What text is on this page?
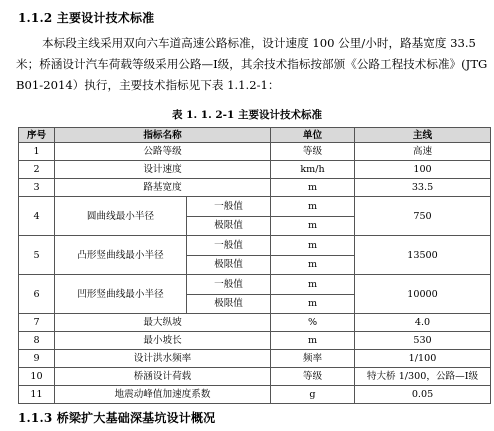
1.1.2 主要设计技术标准
本标段主线采用双向六车道高速公路标准，设计速度 100 公里/小时，路基宽度 33.5
米；桥涵设计汽车荷载等级采用公路—I级，其余技术指标按部颁《公路工程技术标准》(JTG
B01-2014）执行，主要技术指标见下表 1.1.2-1：
表 1. 1. 2-1 主要设计技术标准
序号	指标名称		单位	主线
1	公路等级		等级	高速
2	设计速度		km/h	100
3	路基宽度		m	33.5
4	圆曲线最小半径	一般值	m	750
		极限值	m	
5	凸形竖曲线最小半径	一般值	m	13500
		极限值	m	
6	凹形竖曲线最小半径	一般值	m	10000
		极限值	m	
7	最大纵坡		%	4.0
8	最小坡长		m	530
9	设计洪水频率		频率	1/100
10	桥涵设计荷载		等级	特大桥 1/300，公路—Ⅰ级
11	地震动峰值加速度系数		g	0.05
1.1.3 桥梁扩大基础深基坑设计概况
